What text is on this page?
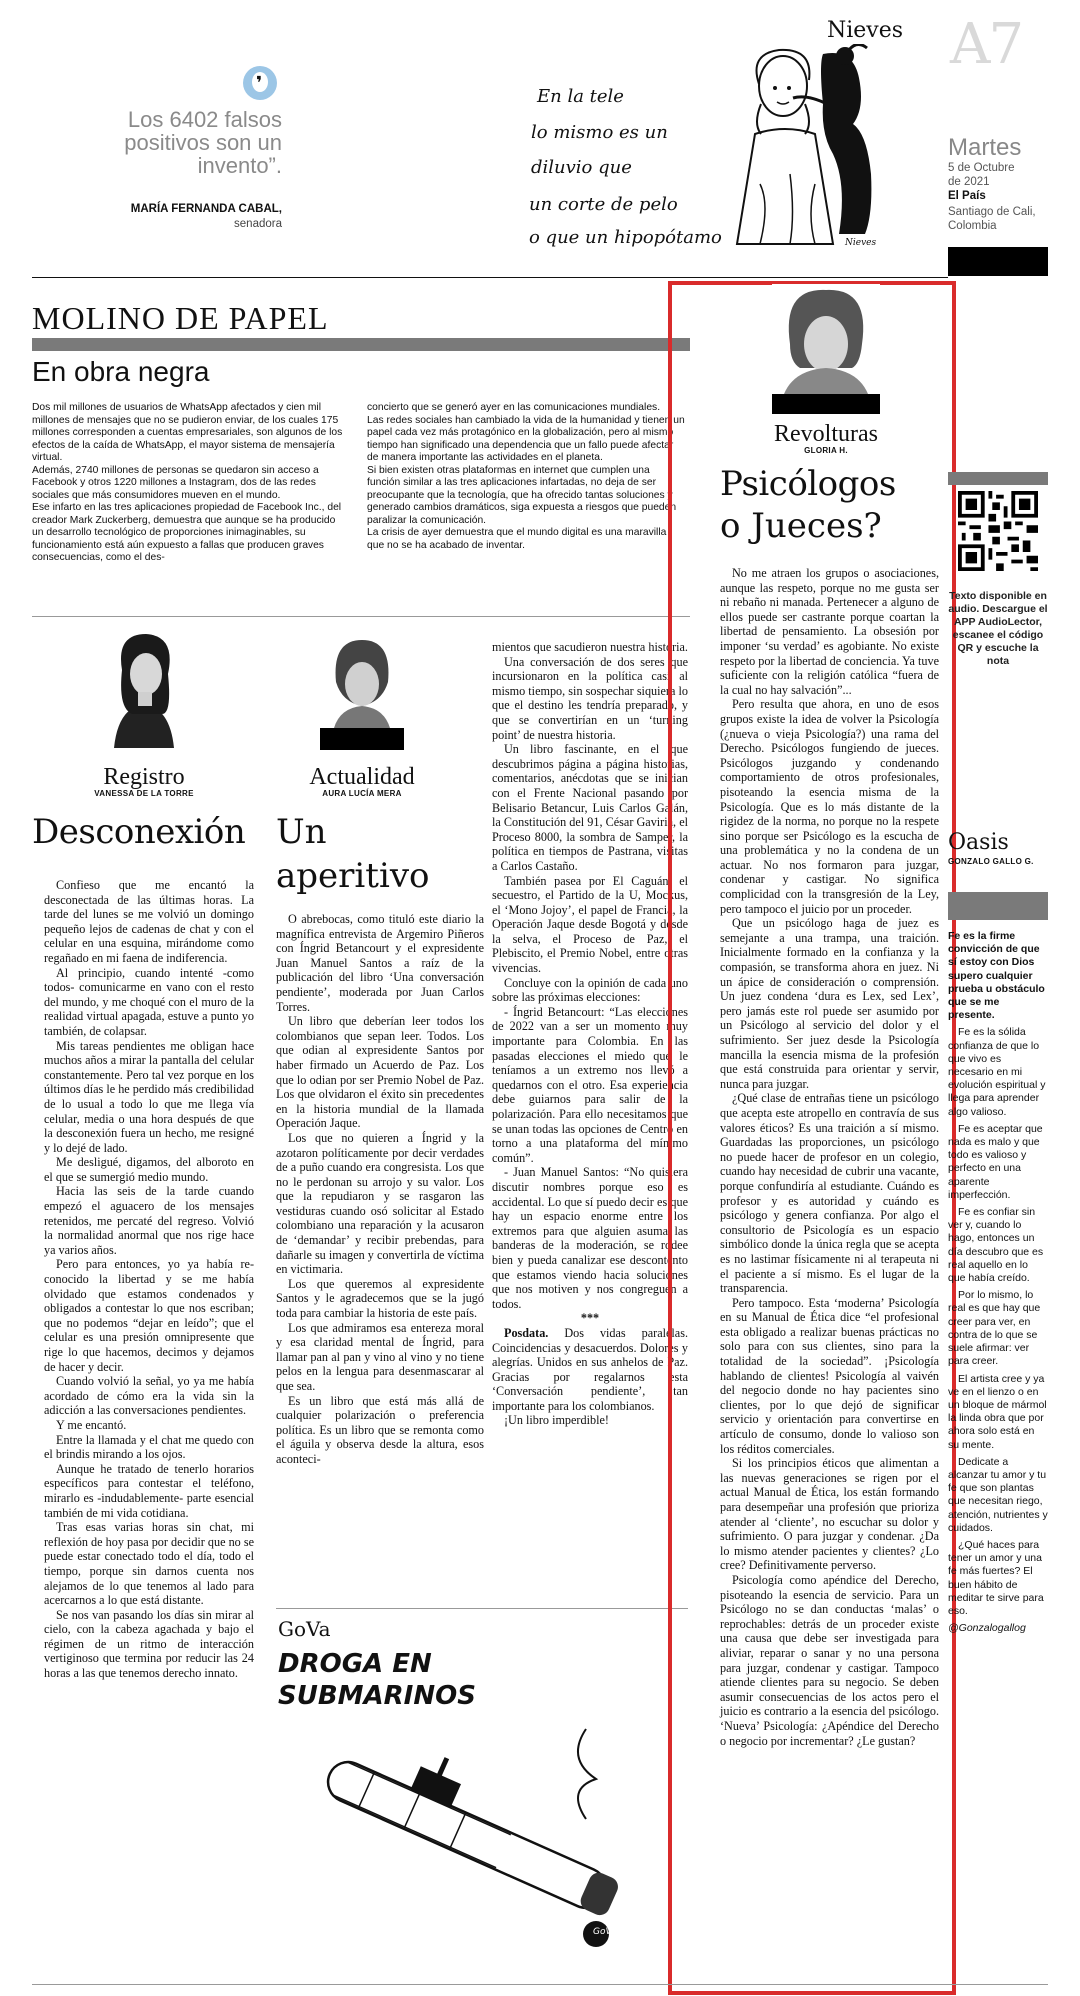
❜
Los 6402 falsos positivos son un invento”.
MARÍA FERNANDA CABAL,
senadora
Nieves
En la tele
lo mismo es un
diluvio que
un corte de pelo
o que un hipopótamo	Nieves
A7
Martes
5 de Octubre
de 2021
El País
Santiago de Cali, Colombia
MOLINO DE PAPEL
En obra negra
Dos mil millones de usuarios de WhatsApp afectados y cien mil millones de mensajes que no se pudieron enviar, de los cuales 175 millones corresponden a cuentas empresariales, son algunos de los efectos de la caída de WhatsApp, el mayor sistema de mensajería virtual.
Además, 2740 millones de personas se quedaron sin acceso a Facebook y otros 1220 millones a Instagram, dos de las redes sociales que más consumidores mueven en el mundo.
Ese infarto en las tres aplicaciones propiedad de Facebook Inc., del creador Mark Zuckerberg, demuestra que aunque se ha producido un desarrollo tecnológico de proporciones inimaginables, su funcionamiento está aún expuesto a fallas que producen graves consecuencias, como el des-
concierto que se generó ayer en las comunicaciones mundiales.
Las redes sociales han cambiado la vida de la humanidad y tienen un papel cada vez más protagónico en la globalización, pero al mismo tiempo han significado una dependencia que un fallo puede afectar de manera importante las actividades en el planeta.
Si bien existen otras plataformas en internet que cumplen una función similar a las tres aplicaciones infartadas, no deja de ser preocupante que la tecnología, que ha ofrecido tantas soluciones y generado cambios dramáticos, siga expuesta a riesgos que pueden paralizar la comunicación.
La crisis de ayer demuestra que el mundo digital es una maravilla que no se ha acabado de inventar.
Registro
VANESSA DE LA TORRE
Desconexión

Confieso que me encantó la desconectada de las últimas horas. La tarde del lunes se me volvió un domingo pequeño lejos de cadenas de chat y con el celular en una esquina, mirándome como regañado en mi faena de indiferencia.

Al principio, cuando intenté -como todos- comunicarme en vano con el resto del mundo, y me choqué con el muro de la realidad virtual apagada, estuve a punto yo también, de colapsar.

Mis tareas pendientes me obligan hace muchos años a mirar la pantalla del celular constantemente. Pero tal vez porque en los últimos días le he perdido más credibilidad de lo usual a todo lo que me llega vía celular, media o una hora después de que la desconexión fuera un hecho, me resigné y lo dejé de lado.

Me desligué, digamos, del alboroto en el que se sumergió medio mundo.

Hacia las seis de la tarde cuando empezó el aguacero de los mensajes retenidos, me percaté del regreso. Volvió la normalidad anormal que nos rige hace ya varios años.

Pero para entonces, yo ya había re-conocido la libertad y se me había olvidado que estamos condenados y obligados a contestar lo que nos escriban; que no podemos “dejar en leído”; que el celular es una presión omnipresente que rige lo que hacemos, decimos y dejamos de hacer y decir.

Cuando volvió la señal, yo ya me había acordado de cómo era la vida sin la adicción a las conversaciones pendientes.

Y me encantó.

Entre la llamada y el chat me quedo con el brindis mirando a los ojos.

Aunque he tratado de tenerlo horarios específicos para contestar el teléfono, mirarlo es -indudablemente- parte esencial también de mi vida cotidiana.

Tras esas varias horas sin chat, mi reflexión de hoy pasa por decidir que no se puede estar conectado todo el día, todo el tiempo, porque sin darnos cuenta nos alejamos de lo que tenemos al lado para acercarnos a lo que está distante.

Se nos van pasando los días sin mirar al cielo, con la cabeza agachada y bajo el régimen de un ritmo de interacción vertiginoso que termina por reducir las 24 horas a las que tenemos derecho innato.

Actualidad
AURA LUCÍA MERA
Un
aperitivo

O abrebocas, como tituló este diario la magnífica entrevista de Argemiro Piñeros con Íngrid Betancourt y el expresidente Juan Manuel Santos a raíz de la publicación del libro ‘Una conversación pendiente’, moderada por Juan Carlos Torres.

Un libro que deberían leer todos los colombianos que sepan leer. Todos. Los que odian al expresidente Santos por haber firmado un Acuerdo de Paz. Los que lo odian por ser Premio Nobel de Paz. Los que olvidaron el éxito sin precedentes en la historia mundial de la llamada Operación Jaque.

Los que no quieren a Íngrid y la azotaron políticamente por decir verdades de a puño cuando era congresista. Los que no le perdonan su arrojo y su valor. Los que la repudiaron y se rasgaron las vestiduras cuando osó solicitar al Estado colombiano una reparación y la acusaron de ‘demandar’ y recibir prebendas, para dañarle su imagen y convertirla de víctima en victimaria.

Los que queremos al expresidente Santos y le agradecemos que se la jugó toda para cambiar la historia de este país.

Los que admiramos esa entereza moral y esa claridad mental de Íngrid, para llamar pan al pan y vino al vino y no tiene pelos en la lengua para desenmascarar al que sea.

Es un libro que está más allá de cualquier polarización o preferencia política. Es un libro que se remonta como el águila y observa desde la altura, esos aconteci-

mientos que sacudieron nuestra historia.

Una conversación de dos seres que incursionaron en la política casi al mismo tiempo, sin sospechar siquiera lo que el destino les tendría preparado, y que se convertirían en un ‘turning point’ de nuestra historia.

Un libro fascinante, en el que descubrimos página a página historias, comentarios, anécdotas que se inician con el Frente Nacional pasando por Belisario Betancur, Luis Carlos Galán, la Constitución del 91, César Gaviria, el Proceso 8000, la sombra de Samper, la política en tiempos de Pastrana, visitas a Carlos Castaño.

También pasea por El Caguán, el secuestro, el Partido de la U, Mockus, el ‘Mono Jojoy’, el papel de Francia, la Operación Jaque desde Bogotá y desde la selva, el Proceso de Paz, el Plebiscito, el Premio Nobel, entre otras vivencias.

Concluye con la opinión de cada uno sobre las próximas elecciones:

- Íngrid Betancourt: “Las elecciones de 2022 van a ser un momento muy importante para Colombia. En las pasadas elecciones el miedo que le teníamos a un extremo nos llevó a quedarnos con el otro. Esa experiencia debe guiarnos para salir de la polarización. Para ello necesitamos que se unan todas las opciones de Centro en torno a una plataforma del mínimo común”.

- Juan Manuel Santos: “No quisiera discutir nombres porque eso es accidental. Lo que sí puedo decir es que hay un espacio enorme entre los extremos para que alguien asuma las banderas de la moderación, se rodee bien y pueda canalizar ese descontento que estamos viendo hacia soluciones que nos motiven y nos congreguen a todos.

***

Posdata. Dos vidas paralelas. Coincidencias y desacuerdos. Dolores y alegrías. Unidos en sus anhelos de Paz. Gracias por regalarnos esta ‘Conversación pendiente’, tan importante para los colombianos.

¡Un libro imperdible!

GoVa
DROGA EN
SUBMARINOS
GoVa
Revolturas
GLORIA H.
Psicólogos
o Jueces?

No me atraen los grupos o asociaciones, aunque las respeto, porque no me gusta ser ni rebaño ni manada. Pertenecer a alguno de ellos puede ser castrante porque coartan la libertad de pensamiento. La obsesión por imponer ‘su verdad’ es agobiante. No existe respeto por la libertad de conciencia. Ya tuve suficiente con la religión católica “fuera de la cual no hay salvación”...

Pero resulta que ahora, en uno de esos grupos existe la idea de volver la Psicología (¿nueva o vieja Psicología?) una rama del Derecho. Psicólogos fungiendo de jueces. Psicólogos juzgando y condenando comportamiento de otros profesionales, pisoteando la esencia misma de la Psicología. Que es lo más distante de la rigidez de la norma, no porque no la respete sino porque ser Psicólogo es la escucha de una problemática y no la condena de un actuar. No nos formaron para juzgar, condenar y castigar. No significa complicidad con la transgresión de la Ley, pero tampoco el juicio por un proceder.

Que un psicólogo haga de juez es semejante a una trampa, una traición. Inicialmente formado en la confianza y la compasión, se transforma ahora en juez. Ni un ápice de consideración o comprensión. Un juez condena ‘dura es Lex, sed Lex’, pero jamás este rol puede ser asumido por un Psicólogo al servicio del dolor y el sufrimiento. Ser juez desde la Psicología mancilla la esencia misma de la profesión que está construida para orientar y servir, nunca para juzgar.

¿Qué clase de entrañas tiene un psicólogo que acepta este atropello en contravía de sus valores éticos? Es una traición a sí mismo. Guardadas las proporciones, un psicólogo no puede hacer de profesor en un colegio, cuando hay necesidad de cubrir una vacante, porque confundiría al estudiante. Cuándo es profesor y es autoridad y cuándo es psicólogo y genera confianza. Por algo el consultorio de Psicología es un espacio simbólico donde la única regla que se acepta es no lastimar físicamente ni al terapeuta ni el paciente a sí mismo. Es el lugar de la transparencia.

Pero tampoco. Esta ‘moderna’ Psicología en su Manual de Ética dice “el profesional esta obligado a realizar buenas prácticas no solo para con sus clientes, sino para la totalidad de la sociedad”. ¡Psicología hablando de clientes! Psicología al vaivén del negocio donde no hay pacientes sino clientes, por lo que dejó de significar servicio y orientación para convertirse en artículo de consumo, donde lo valioso son los réditos comerciales.

Si los principios éticos que alimentan a las nuevas generaciones se rigen por el actual Manual de Ética, los están formando para desempeñar una profesión que prioriza atender al ‘cliente’, no escuchar su dolor y sufrimiento. O para juzgar y condenar. ¿Da lo mismo atender pacientes y clientes? ¿Lo cree? Definitivamente perverso.

Psicología como apéndice del Derecho, pisoteando la esencia de servicio. Para un Psicólogo no se dan conductas ‘malas’ o reprochables: detrás de un proceder existe una causa que debe ser investigada para aliviar, reparar o sanar y no una persona para juzgar, condenar y castigar. Tampoco atiende clientes para su negocio. Se deben asumir consecuencias de los actos pero el juicio es contrario a la esencia del psicólogo. ‘Nueva’ Psicología: ¿Apéndice del Derecho o negocio por incrementar? ¿Le gustan?

Texto disponible en audio. Descargue el APP AudioLector, escanee el código QR y escuche la nota
Oasis
GONZALO GALLO G.
Fe es la firme convicción de que sí estoy con Dios supero cualquier prueba u obstáculo que se me presente.
Fe es la sólida confianza de que lo que vivo es necesario en mi evolución espiritual y llega para aprender algo valioso.
Fe es aceptar que nada es malo y que todo es valioso y perfecto en una aparente imperfección.
Fe es confiar sin ver y, cuando lo hago, entonces un día descubro que es real aquello en lo que había creído.
Por lo mismo, lo real es que hay que creer para ver, en contra de lo que se suele afirmar: ver para creer.
El artista cree y ya ve en el lienzo o en un bloque de mármol la linda obra que por ahora solo está en su mente.
Dedicate a alcanzar tu amor y tu fe que son plantas que necesitan riego, atención, nutrientes y cuidados.
¿Qué haces para tener un amor y una fe más fuertes? El buen hábito de meditar te sirve para eso.
@Gonzalogallog
